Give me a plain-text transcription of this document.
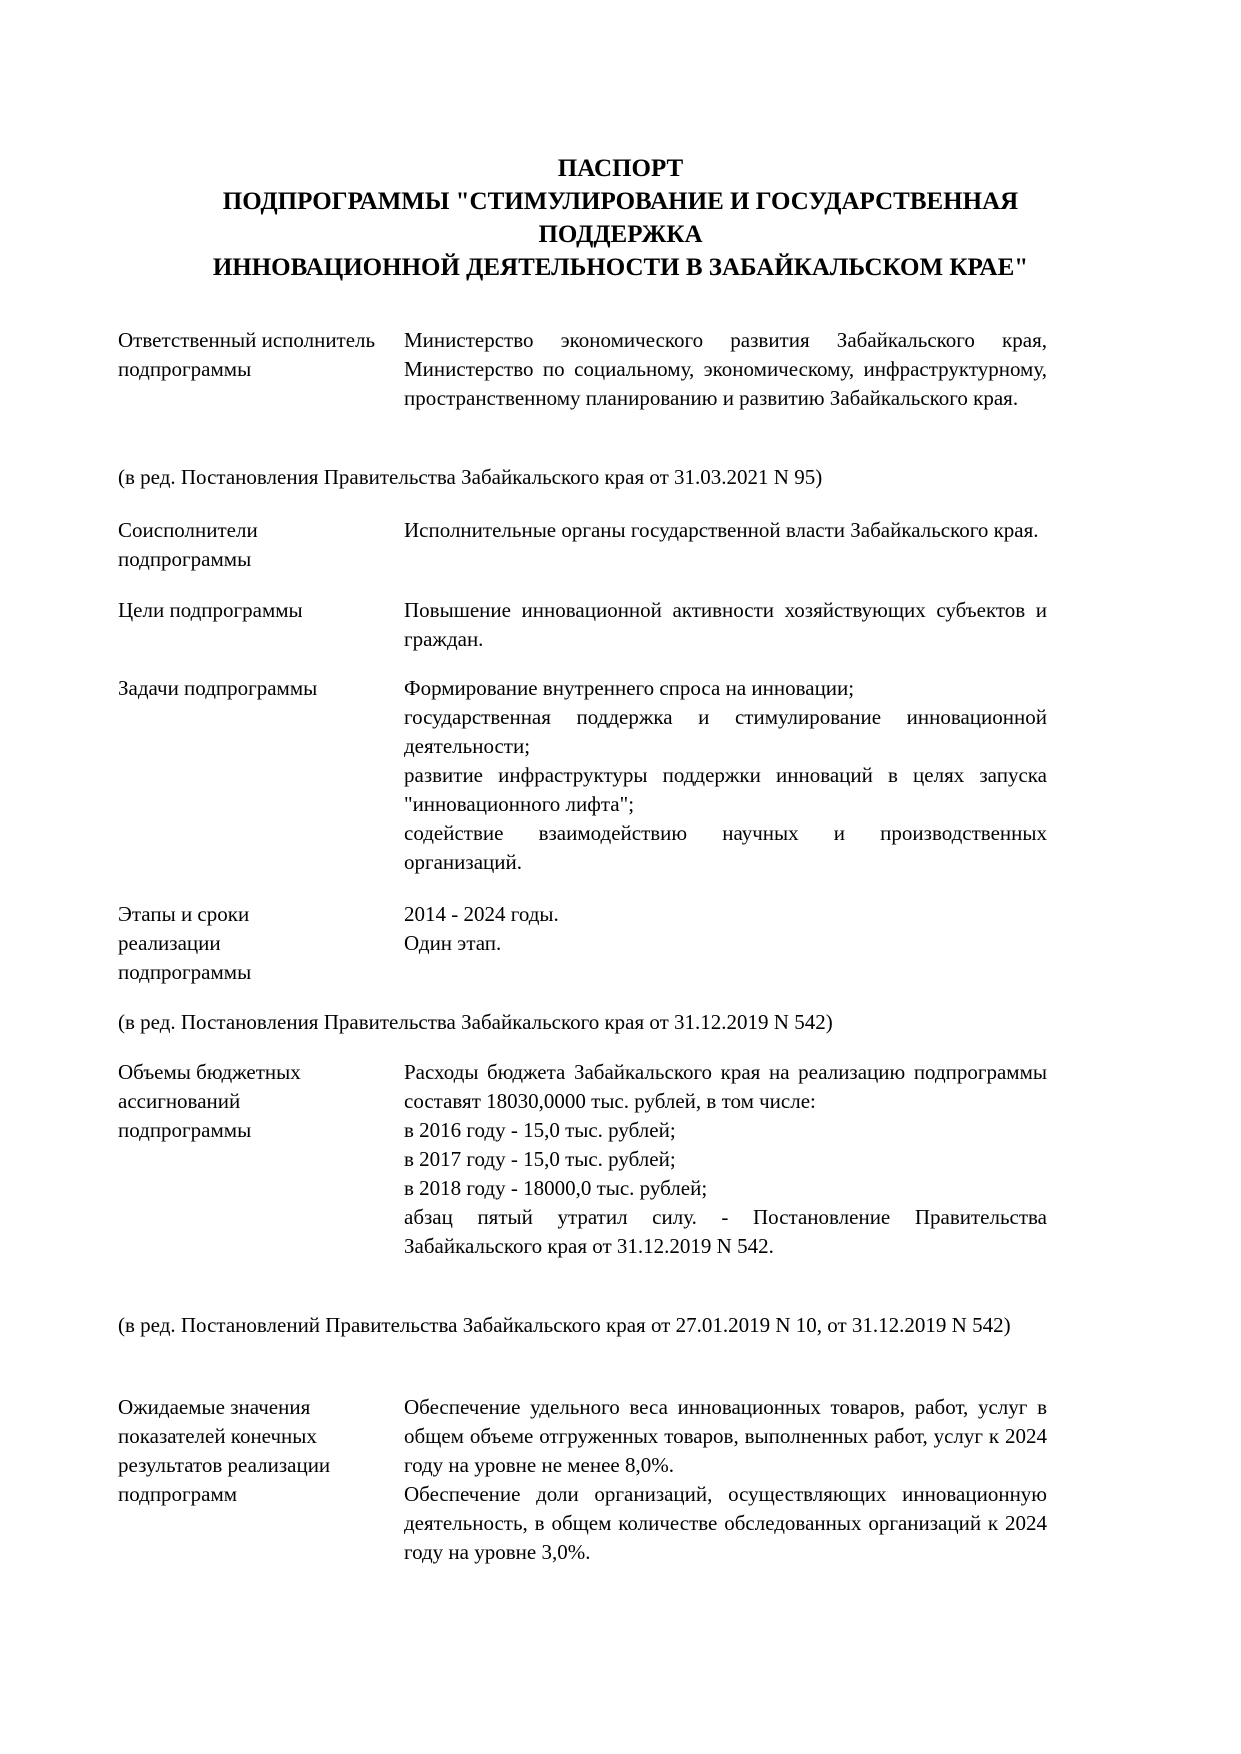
ПАСПОРТ
ПОДПРОГРАММЫ "СТИМУЛИРОВАНИЕ И ГОСУДАРСТВЕННАЯ
ПОДДЕРЖКА
ИННОВАЦИОННОЙ ДЕЯТЕЛЬНОСТИ В ЗАБАЙКАЛЬСКОМ КРАЕ"
Ответственный исполнитель подпрограммы
Министерство экономического развития Забайкальского края, Министерство по социальному, экономическому, инфраструктурному, пространственному планированию и развитию Забайкальского края.
(в ред. Постановления Правительства Забайкальского края от 31.03.2021 N 95)
Соисполнители подпрограммы
Исполнительные органы государственной власти Забайкальского края.
Цели подпрограммы	Повышение инновационной активности хозяйствующих субъектов и граждан.
Задачи подпрограммы	Формирование внутреннего спроса на инновации;
государственная поддержка и стимулирование инновационной деятельности;
развитие инфраструктуры поддержки инноваций в целях запуска "инновационного лифта";
содействие взаимодействию научных и производственных организаций.
Этапы и сроки реализации подпрограммы
2014 - 2024 годы.
Один этап.
(в ред. Постановления Правительства Забайкальского края от 31.12.2019 N 542)
Объемы бюджетных ассигнований подпрограммы
Расходы бюджета Забайкальского края на реализацию подпрограммы составят 18030,0000 тыс. рублей, в том числе:
в 2016 году - 15,0 тыс. рублей;
в 2017 году - 15,0 тыс. рублей;
в 2018 году - 18000,0 тыс. рублей;
абзац пятый утратил силу. - Постановление Правительства Забайкальского края от 31.12.2019 N 542.
(в ред. Постановлений Правительства Забайкальского края от 27.01.2019 N 10, от 31.12.2019 N 542)
Ожидаемые значения показателей конечных результатов реализации подпрограмм
Обеспечение удельного веса инновационных товаров, работ, услуг в общем объеме отгруженных товаров, выполненных работ, услуг к 2024 году на уровне не менее 8,0%.
Обеспечение доли организаций, осуществляющих инновационную деятельность, в общем количестве обследованных организаций к 2024 году на уровне 3,0%.
